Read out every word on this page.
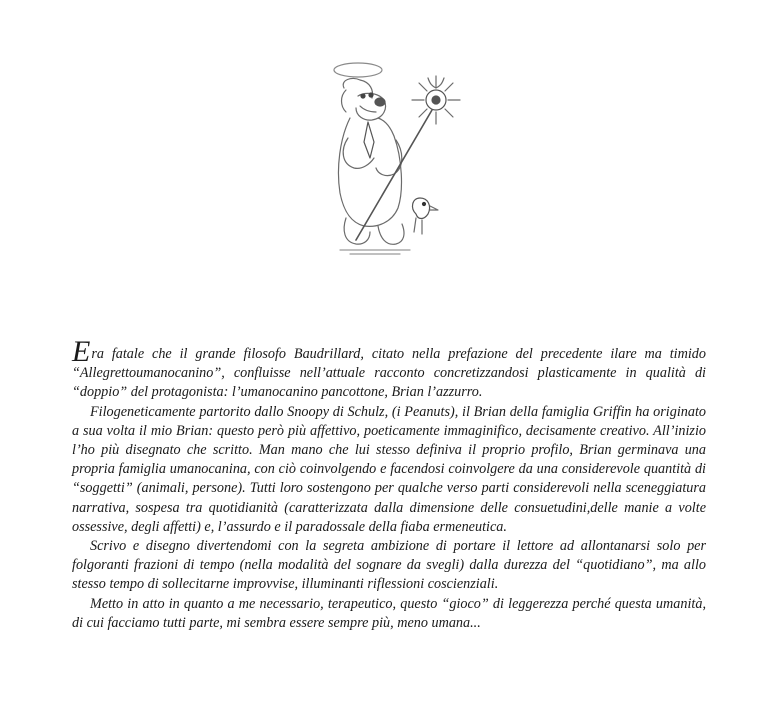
Era fatale che il grande filosofo Baudrillard, citato nella prefazione del precedente ilare ma timido “Allegrettoumanocanino”, confluisse nell’attuale racconto concretizzandosi plasticamente in qualità di “doppio” del protagonista: l’umanocanino pancottone, Brian l’azzurro.

Filogeneticamente partorito dallo Snoopy di Schulz, (i Peanuts), il Brian della famiglia Griffin ha originato a sua volta il mio Brian: questo però più affettivo, poeticamente immaginifico, decisamente creativo. All’inizio l’ho più disegnato che scritto. Man mano che lui stesso definiva il proprio profilo, Brian germinava una propria famiglia umanocanina, con ciò coinvolgendo e facendosi coinvolgere da una considerevole quantità di “soggetti” (animali, persone). Tutti loro sostengono per qualche verso parti considerevoli nella sceneggiatura narrativa, sospesa tra quotidianità (caratterizzata dalla dimensione delle consuetudini,delle manie a volte ossessive, degli affetti) e, l’assurdo e il paradossale della fiaba ermeneutica.

Scrivo e disegno divertendomi con la segreta ambizione di portare il lettore ad allontanarsi solo per folgoranti frazioni di tempo (nella modalità del sognare da svegli) dalla durezza del “quotidiano”, ma allo stesso tempo di sollecitarne improvvise, illuminanti riflessioni coscienziali.

Metto in atto in quanto a me necessario, terapeutico, questo “gioco” di leggerezza perché questa umanità, di cui facciamo tutti parte, mi sembra essere sempre più, meno umana...
